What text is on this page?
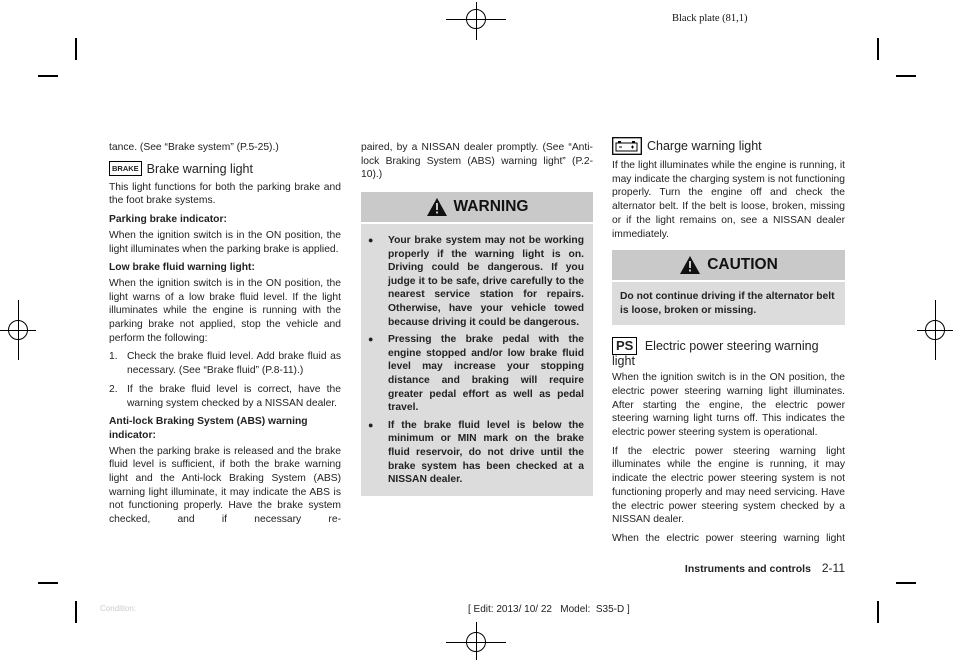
Black plate (81,1)

tance. (See “Brake system” (P.5-25).)

BRAKE Brake warning light

This light functions for both the parking brake and the foot brake systems.

Parking brake indicator:

When the ignition switch is in the ON position, the light illuminates when the parking brake is applied.

Low brake fluid warning light:

When the ignition switch is in the ON position, the light warns of a low brake fluid level. If the light illuminates while the engine is running with the parking brake not applied, stop the vehicle and perform the following:

1. Check the brake fluid level. Add brake fluid as necessary. (See “Brake fluid” (P.8-11).)
2. If the brake fluid level is correct, have the warning system checked by a NISSAN dealer.
Anti-lock Braking System (ABS) warning indicator:

When the parking brake is released and the brake fluid level is sufficient, if both the brake warning light and the Anti-lock Braking System (ABS) warning light illuminate, it may indicate the ABS is not functioning properly. Have the brake system checked, and if necessary re-

paired, by a NISSAN dealer promptly. (See “Anti-lock Braking System (ABS) warning light” (P.2-10).)

WARNING
●	Your brake system may not be working properly if the warning light is on. Driving could be dangerous. If you judge it to be safe, drive carefully to the nearest service station for repairs. Otherwise, have your vehicle towed because driving it could be dangerous.
●	Pressing the brake pedal with the engine stopped and/or low brake fluid level may increase your stopping distance and braking will require greater pedal effort as well as pedal travel.
●	If the brake fluid level is below the minimum or MIN mark on the brake fluid reservoir, do not drive until the brake system has been checked at a NISSAN dealer.
Charge warning light

If the light illuminates while the engine is running, it may indicate the charging system is not functioning properly. Turn the engine off and check the alternator belt. If the belt is loose, broken, missing or if the light remains on, see a NISSAN dealer immediately.

CAUTION
Do not continue driving if the alternator belt is loose, broken or missing.
PS Electric power steering warning
light

When the ignition switch is in the ON position, the electric power steering warning light illuminates. After starting the engine, the electric power steering warning light turns off. This indicates the electric power steering system is operational.

If the electric power steering warning light illuminates while the engine is running, it may indicate the electric power steering system is not functioning properly and may need servicing. Have the electric power steering system checked by a NISSAN dealer.

When the electric power steering warning light

Instruments and controls 2-11
Condition:	[ Edit: 2013/ 10/ 22   Model:  S35-D ]
